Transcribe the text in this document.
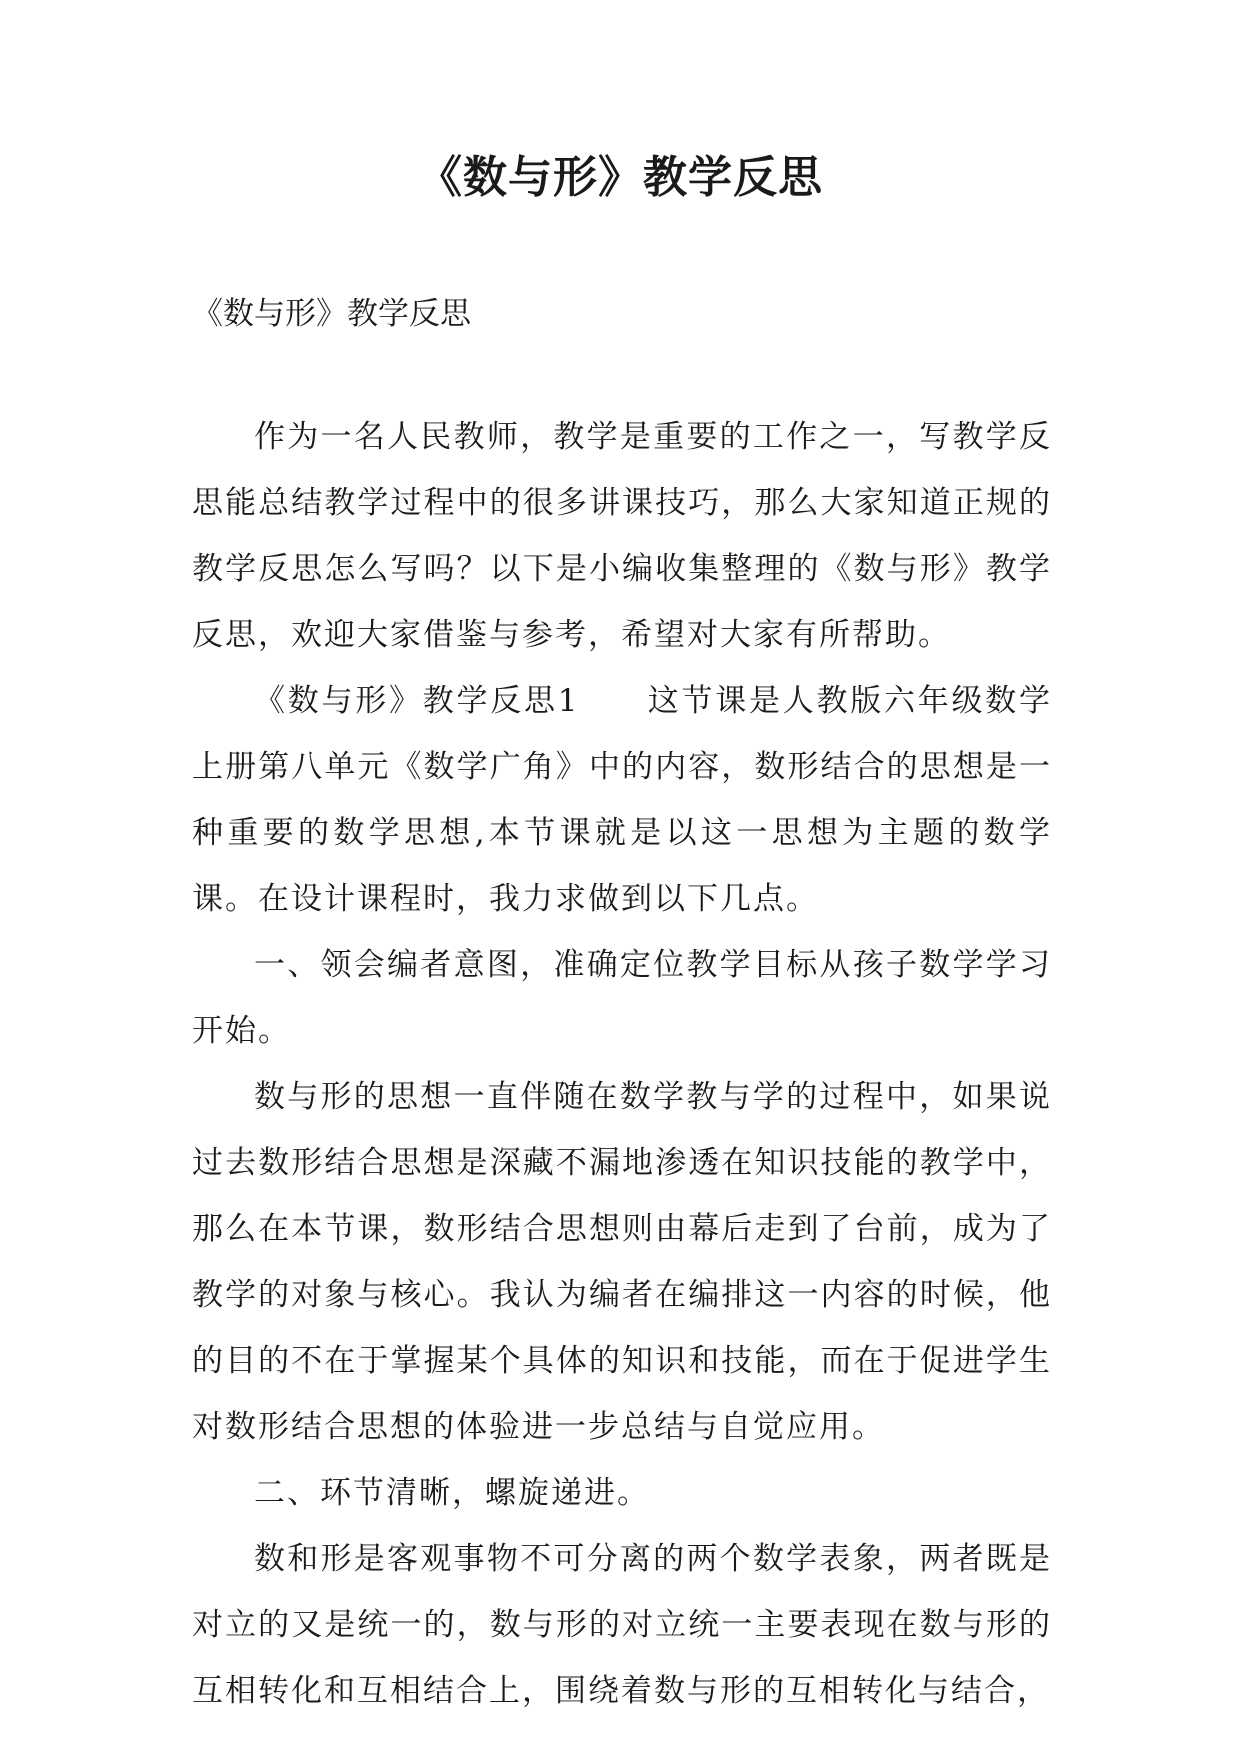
《数与形》教学反思

《数与形》教学反思

作为一名人民教师，教学是重要的工作之一，写教学反思能总结教学过程中的很多讲课技巧，那么大家知道正规的教学反思怎么写吗？以下是小编收集整理的《数与形》教学反思，欢迎大家借鉴与参考，希望对大家有所帮助。

《数与形》教学反思1　　这节课是人教版六年级数学上册第八单元《数学广角》中的内容，数形结合的思想是一种重要的数学思想,本节课就是以这一思想为主题的数学课。在设计课程时，我力求做到以下几点。

一、领会编者意图，准确定位教学目标从孩子数学学习开始。

数与形的思想一直伴随在数学教与学的过程中，如果说过去数形结合思想是深藏不漏地渗透在知识技能的教学中，那么在本节课，数形结合思想则由幕后走到了台前，成为了教学的对象与核心。我认为编者在编排这一内容的时候，他的目的不在于掌握某个具体的知识和技能，而在于促进学生对数形结合思想的体验进一步总结与自觉应用。

二、环节清晰，螺旋递进。

数和形是客观事物不可分离的两个数学表象，两者既是对立的又是统一的，数与形的对立统一主要表现在数与形的互相转化和互相结合上，围绕着数与形的互相转化与结合，
